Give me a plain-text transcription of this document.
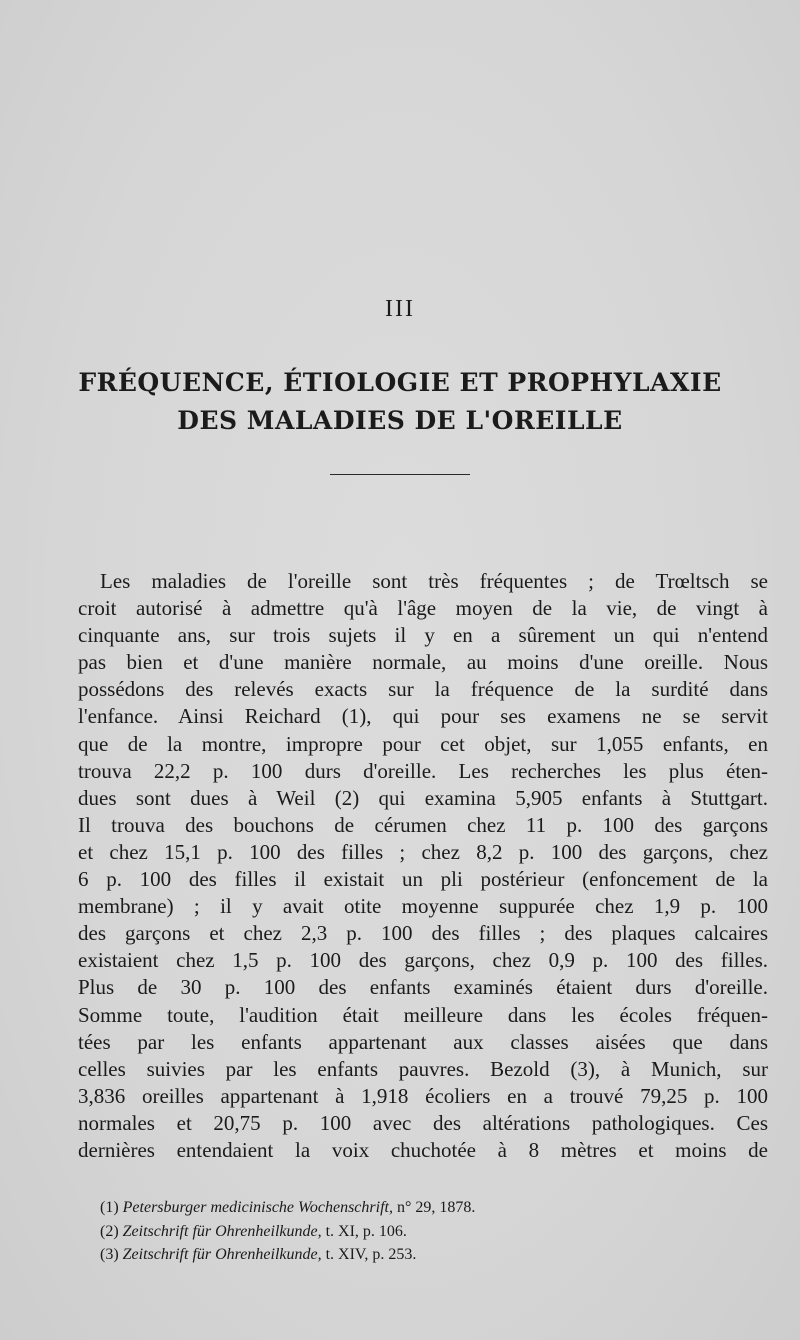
III
FRÉQUENCE, ÉTIOLOGIE ET PROPHYLAXIE
DES MALADIES DE L'OREILLE
Les maladies de l'oreille sont très fréquentes ; de Trœltsch se
croit autorisé à admettre qu'à l'âge moyen de la vie, de vingt à
cinquante ans, sur trois sujets il y en a sûrement un qui n'entend
pas bien et d'une manière normale, au moins d'une oreille. Nous
possédons des relevés exacts sur la fréquence de la surdité dans
l'enfance. Ainsi Reichard (1), qui pour ses examens ne se servit
que de la montre, impropre pour cet objet, sur 1,055 enfants, en
trouva 22,2 p. 100 durs d'oreille. Les recherches les plus éten-
dues sont dues à Weil (2) qui examina 5,905 enfants à Stuttgart.
Il trouva des bouchons de cérumen chez 11 p. 100 des garçons
et chez 15,1 p. 100 des filles ; chez 8,2 p. 100 des garçons, chez
6 p. 100 des filles il existait un pli postérieur (enfoncement de la
membrane) ; il y avait otite moyenne suppurée chez 1,9 p. 100
des garçons et chez 2,3 p. 100 des filles ; des plaques calcaires
existaient chez 1,5 p. 100 des garçons, chez 0,9 p. 100 des filles.
Plus de 30 p. 100 des enfants examinés étaient durs d'oreille.
Somme toute, l'audition était meilleure dans les écoles fréquen-
tées par les enfants appartenant aux classes aisées que dans
celles suivies par les enfants pauvres. Bezold (3), à Munich, sur
3,836 oreilles appartenant à 1,918 écoliers en a trouvé 79,25 p. 100
normales et 20,75 p. 100 avec des altérations pathologiques. Ces
dernières entendaient la voix chuchotée à 8 mètres et moins de
(1) Petersburger medicinische Wochenschrift, n° 29, 1878.
(2) Zeitschrift für Ohrenheilkunde, t. XI, p. 106.
(3) Zeitschrift für Ohrenheilkunde, t. XIV, p. 253.
